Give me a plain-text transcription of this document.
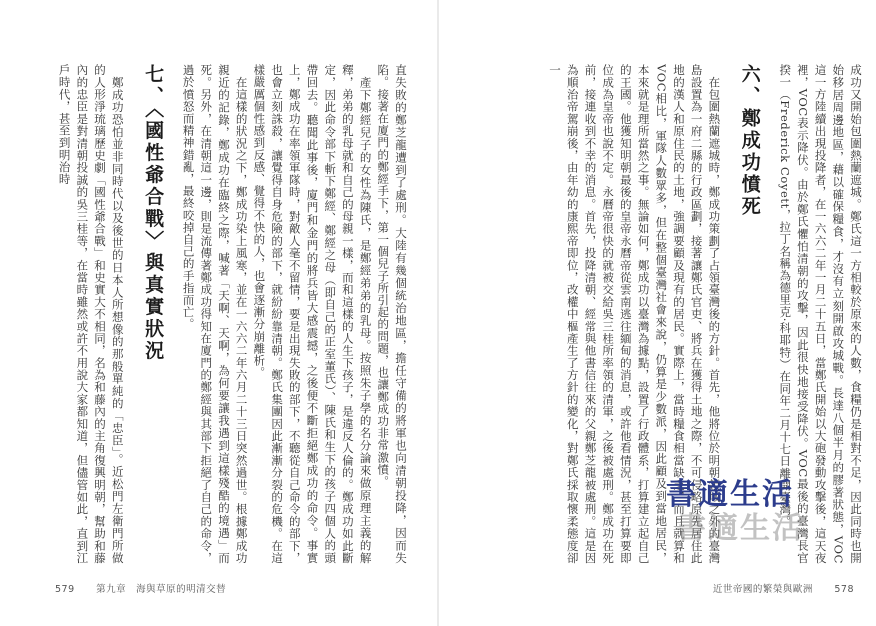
直失敗的鄭芝龍遭到了處刑。大陸有幾個統治地區，擔任守備的將軍也向清朝投降，因而失陷。接著在廈門的鄭經手下，第一個兒子所引起的問題，也讓鄭成功非常激憤。
　產下鄭經兒子的女性為陳氏，是鄭經弟弟的乳母。按照朱子學的名分論來做原理主義的解釋，弟弟的乳母就和自己的母親一樣，而和這樣的人生下孩子，是違反人倫的。鄭成功如此斷定，因此命令部下斬下鄭經、鄭經之母（即自己的正室董氏）、陳氏和生下的孩子四個人的頭帶回去。聽聞此事後，廈門和金門的將兵皆大感震撼，之後便不斷拒絕鄭成功的命令。事實上，鄭成功在率領軍隊時，對敵人毫不留情，要是出現失敗的部下，不聽從自己命令的部下，也會立刻誅殺，讓覺得自身危險的部下，就紛紛靠清朝。鄭氏集團因此漸漸分裂的危機。在這樣嚴厲個性感到反感、覺得不快的人，也會逐漸分崩離析。
　在這樣的狀況之下，鄭成功染上風寒，並在一六六二年六月二十三日突然過世。根據鄭成功親近的記錄，鄭成功在臨終之際，喊著「天啊、天啊，為何要讓我遇到這樣殘酷的境遇」而死。另外，在清朝這一邊，則是流傳著鄭成功得知在廈門的鄭經與其部下拒絕了自己的命令，過於憤怒而精神錯亂，最終咬掉自己的手指而亡。

七、〈國性爺合戰〉與真實狀況

　鄭成功恐怕並非同時代以及後世的日本人所想像的那般單純的「忠臣」。近松門左衛門所做的人形淨琉璃歷史劇「國性爺合戰」和史實大不相同，名為和藤內的主角復興明朝，幫助和藤內的忠臣是對清朝投誠的吳三桂等，在當時雖然或許不用說大家都知道，但儘管如此，直到江戶時代，甚至到明治時
579 第九章　海與草原的明清交替
成功又開始包圍熱蘭遮城。鄭氏這一方相較於原來的人數，食糧仍是相對不足，因此同時也開始移居周邊地區，藉以確保糧食，才沒有立刻開啟攻城戰。長達八個半月的膠著狀態，VOC這一方陸續出現投降者，在一六六二年一月二十五日，當鄭氏開始以大砲發動攻擊後，這天夜裡，VOC表示降伏。由於鄭氏懼怕清朝的攻擊，因此很快地接受降伏。VOC最後的臺灣長官揆一（Frederick Coyett，拉丁名稱為德里克·科耶特）在同年二月十七日離開臺灣。

六、鄭成功憤死

　在包圍熱蘭遮城時，鄭成功策劃了占領臺灣後的方針。首先，他將位於明朝領域之外的臺灣島設置為一府二縣的行政區劃，接著讓鄭氏官吏、將兵在獲得土地之際，不可侵略原先居住此地的漢人和原住民的土地，強調要顧及現有的居民。實際上，當時糧食相當缺乏，而且就算和VOC相比，軍隊人數眾多，但在整個臺灣社會來說，仍算是少數派，因此顧及到當地居民，本來就是理所當然之事。無論如何，鄭成功以臺灣為據點，設置了行政體系，打算建立起自己的王國。他獲知明朝最後的皇帝永曆帝從雲南逃往緬甸的消息，或許他看情況，甚至打算要即位成為皇帝也說不定。永曆帝很快的就被交給吳三桂所率領的清軍，之後被處刑。鄭成功在死前，接連收到不幸的消息。首先，投降清朝、經常與他書信往來的父親鄭芝龍被處刑。這是因為順治帝駕崩後，由年幼的康熙帝即位，改權中樞產生了方針的變化，對鄭氏採取懷柔態度卻一
近世帝國的繁榮與歐洲 578
書適生活
書適生活
